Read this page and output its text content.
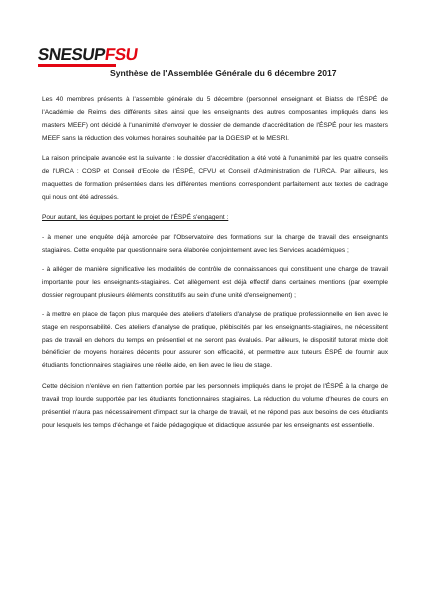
SNESUPFSU
Synthèse de l'Assemblée Générale du 6 décembre 2017

Les 40 membres présents à l'assemble générale du 5 décembre (personnel enseignant et Biatss de l'ÉSPÉ de l'Académie de Reims des différents sites ainsi que les enseignants des autres composantes impliqués dans les masters MEEF) ont décidé à l'unanimité d'envoyer le dossier de demande d'accréditation de l'ÉSPÉ pour les masters MEEF sans la réduction des volumes horaires souhaitée par la DGESIP et le MESRI.

La raison principale avancée est la suivante : le dossier d'accréditation a été voté à l'unanimité par les quatre conseils de l'URCA : COSP et Conseil d'Ecole de l'ÉSPÉ, CFVU et Conseil d'Administration de l'URCA. Par ailleurs, les maquettes de formation présentées dans les différentes mentions correspondent parfaitement aux textes de cadrage qui nous ont été adressés.

Pour autant, les équipes portant le projet de l'ÉSPÉ s'engagent :

- à mener une enquête déjà amorcée par l'Observatoire des formations sur la charge de travail des enseignants stagiaires. Cette enquête par questionnaire sera élaborée conjointement avec les Services académiques ;

- à alléger de manière significative les modalités de contrôle de connaissances qui constituent une charge de travail importante pour les enseignants-stagiaires. Cet allègement est déjà effectif dans certaines mentions (par exemple dossier regroupant plusieurs éléments constitutifs au sein d'une unité d'enseignement) ;

- à mettre en place de façon plus marquée des ateliers d'ateliers d'analyse de pratique professionnelle en lien avec le stage en responsabilité. Ces ateliers d'analyse de pratique, plébiscités par les enseignants-stagiaires, ne nécessitent pas de travail en dehors du temps en présentiel et ne seront pas évalués. Par ailleurs, le dispositif tutorat mixte doit bénéficier de moyens horaires décents pour assurer son efficacité, et permettre aux tuteurs ÉSPÉ de fournir aux étudiants fonctionnaires stagiaires une réelle aide, en lien avec le lieu de stage.

Cette décision n'enlève en rien l'attention portée par les personnels impliqués dans le projet de l'ÉSPÉ à la charge de travail trop lourde supportée par les étudiants fonctionnaires stagiaires. La réduction du volume d'heures de cours en présentiel n'aura pas nécessairement d'impact sur la charge de travail, et ne répond pas aux besoins de ces étudiants pour lesquels les temps d'échange et l'aide pédagogique et didactique assurée par les enseignants est essentielle.
